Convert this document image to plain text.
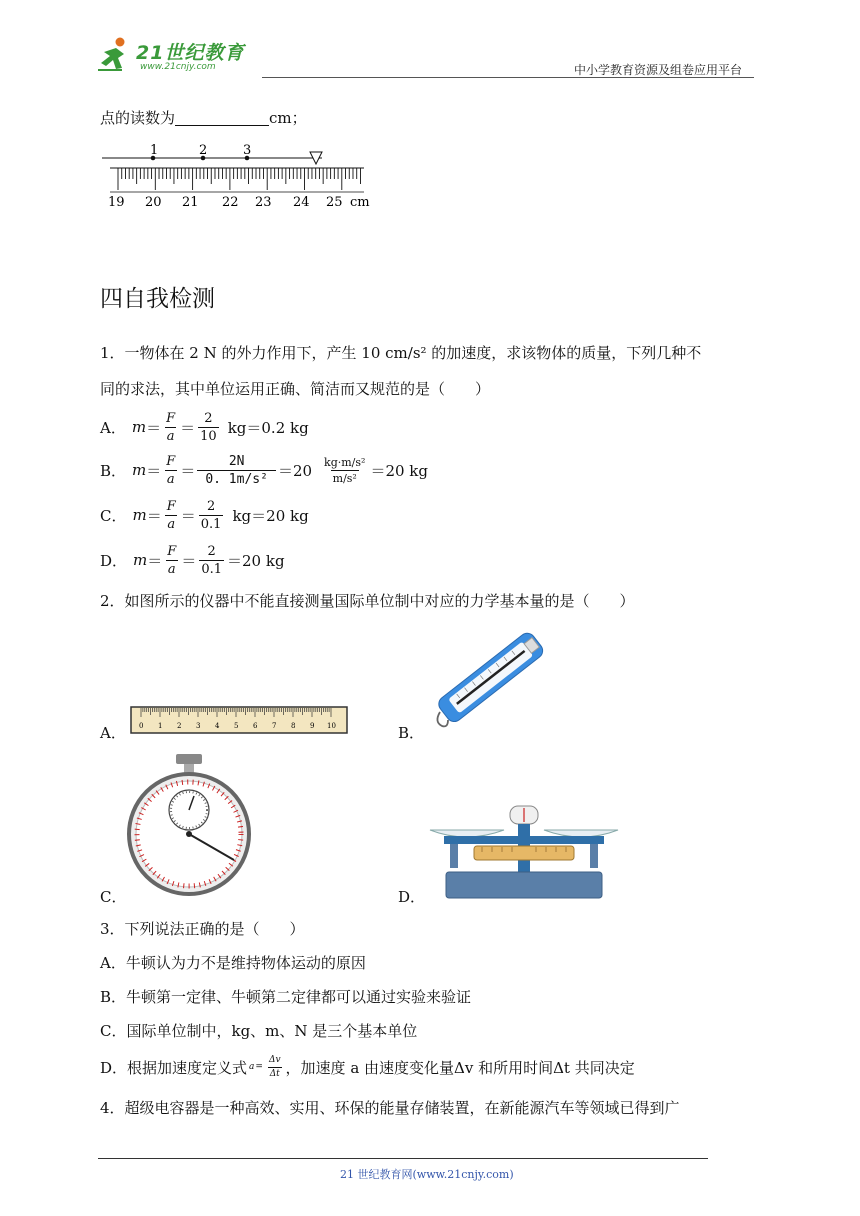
21世纪教育
www.21cnjy.com	中小学教育资源及组卷应用平台
点的读数为	cm；
1	2	3
19 20 21 22 23 24 25 cm
四自我检测
1．一物体在 2 N 的外力作用下，产生 10 cm/s² 的加速度，求该物体的质量，下列几种不
同的求法，其中单位运用正确、简洁而又规范的是（　　）
A． $m = \frac{F}{a} = \frac{2}{10} kg=0.2$ kg
B． $m = \frac{F}{a} = \frac{2N}{\text{0. 1m/s²}} =20 \frac{\text{kg·m/s²}}{\text{m/s²}} =20$ kg
C． $m = \frac{F}{a} = \frac{2}{0.1} kg=20$ kg
D． $m = \frac{F}{a} = \frac{2}{0.1} =20$ kg
2．如图所示的仪器中不能直接测量国际单位制中对应的力学基本量的是（　　）
A． 0 1 2 3 4 5 6 7 8 9 10	B．
C．	D．
3．下列说法正确的是（　　）
A．牛顿认为力不是维持物体运动的原因
B．牛顿第一定律、牛顿第二定律都可以通过实验来验证
C．国际单位制中，kg、m、N 是三个基本单位
D．根据加速度定义式 $a = \frac{\Delta v}{\Delta t}$ ，加速度 a 由速度变化量Δv 和所用时间Δt 共同决定
4．超级电容器是一种高效、实用、环保的能量存储装置，在新能源汽车等领域已得到广
21 世纪教育网(www.21cnjy.com)
